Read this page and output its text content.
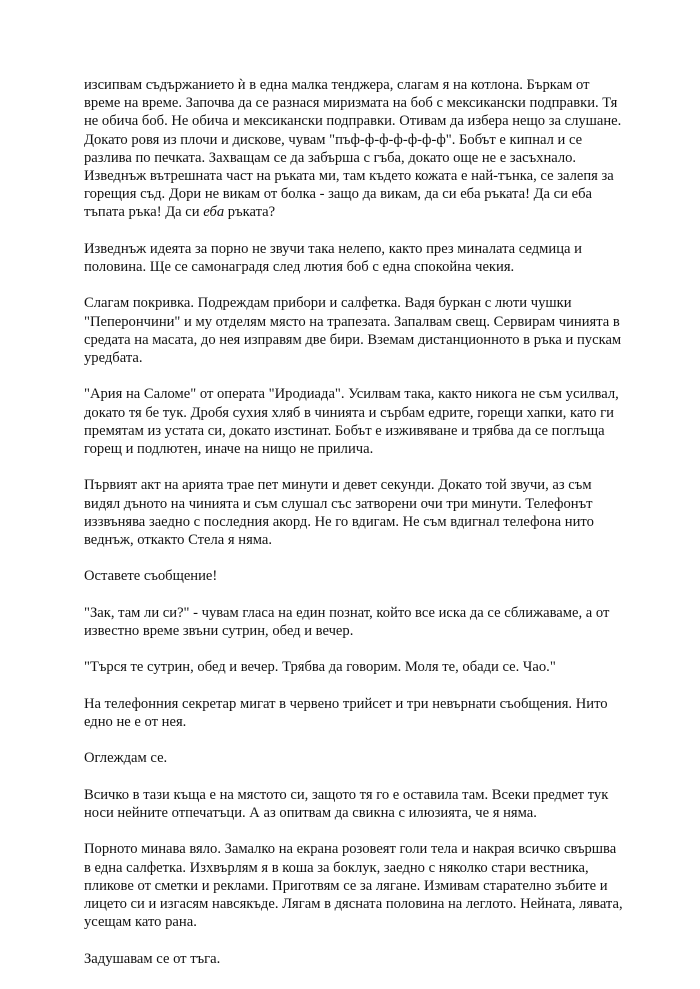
изсипвам съдържанието ѝ в една малка тенджера, слагам я на котлона. Бъркам от време на време. Започва да се разнася миризмата на боб с мексикански подправки. Тя не обича боб. Не обича и мексикански подправки. Отивам да избера нещо за слушане. Докато ровя из плочи и дискове, чувам "пъф-ф-ф-ф-ф-ф-ф". Бобът е кипнал и се разлива по печката. Захващам се да забърша с гъба, докато още не е засъхнало. Изведнъж вътрешната част на ръката ми, там където кожата е най-тънка, се залепя за горещия съд. Дори не викам от болка - защо да викам, да си еба ръката! Да си еба тъпата ръка! Да си еба ръката?

Изведнъж идеята за порно не звучи така нелепо, както през миналата седмица и половина. Ще се самонаградя след лютия боб с една спокойна чекия.

Слагам покривка. Подреждам прибори и салфетка. Вадя буркан с люти чушки "Пеперончини" и му отделям място на трапезата. Запалвам свещ. Сервирам чинията в средата на масата, до нея изправям две бири. Вземам дистанционното в ръка и пускам уредбата.

"Ария на Саломе" от операта "Иродиада". Усилвам така, както никога не съм усилвал, докато тя бе тук. Дробя сухия хляб в чинията и сърбам едрите, горещи хапки, като ги премятам из устата си, докато изстинат. Бобът е изживяване и трябва да се поглъща горещ и подлютен, иначе на нищо не прилича.

Първият акт на арията трае пет минути и девет секунди. Докато той звучи, аз съм видял дъното на чинията и съм слушал със затворени очи три минути. Телефонът иззвънява заедно с последния акорд. Не го вдигам. Не съм вдигнал телефона нито веднъж, откакто Стела я няма.

Оставете съобщение!

"Зак, там ли си?" - чувам гласа на един познат, който все иска да се сближаваме, а от известно време звъни сутрин, обед и вечер.

"Търся те сутрин, обед и вечер. Трябва да говорим. Моля те, обади се. Чао."

На телефонния секретар мигат в червено трийсет и три невърнати съобщения. Нито едно не е от нея.

Оглеждам се.

Всичко в тази къща е на мястото си, защото тя го е оставила там. Всеки предмет тук носи нейните отпечатъци. А аз опитвам да свикна с илюзията, че я няма.

Порното минава вяло. Замалко на екрана розовеят голи тела и накрая всичко свършва в една салфетка. Изхвърлям я в коша за боклук, заедно с няколко стари вестника, пликове от сметки и реклами. Приготвям се за лягане. Измивам старателно зъбите и лицето си и изгасям навсякъде. Лягам в дясната половина на леглото. Нейната, лявата, усещам като рана.

Задушавам се от тъга.
